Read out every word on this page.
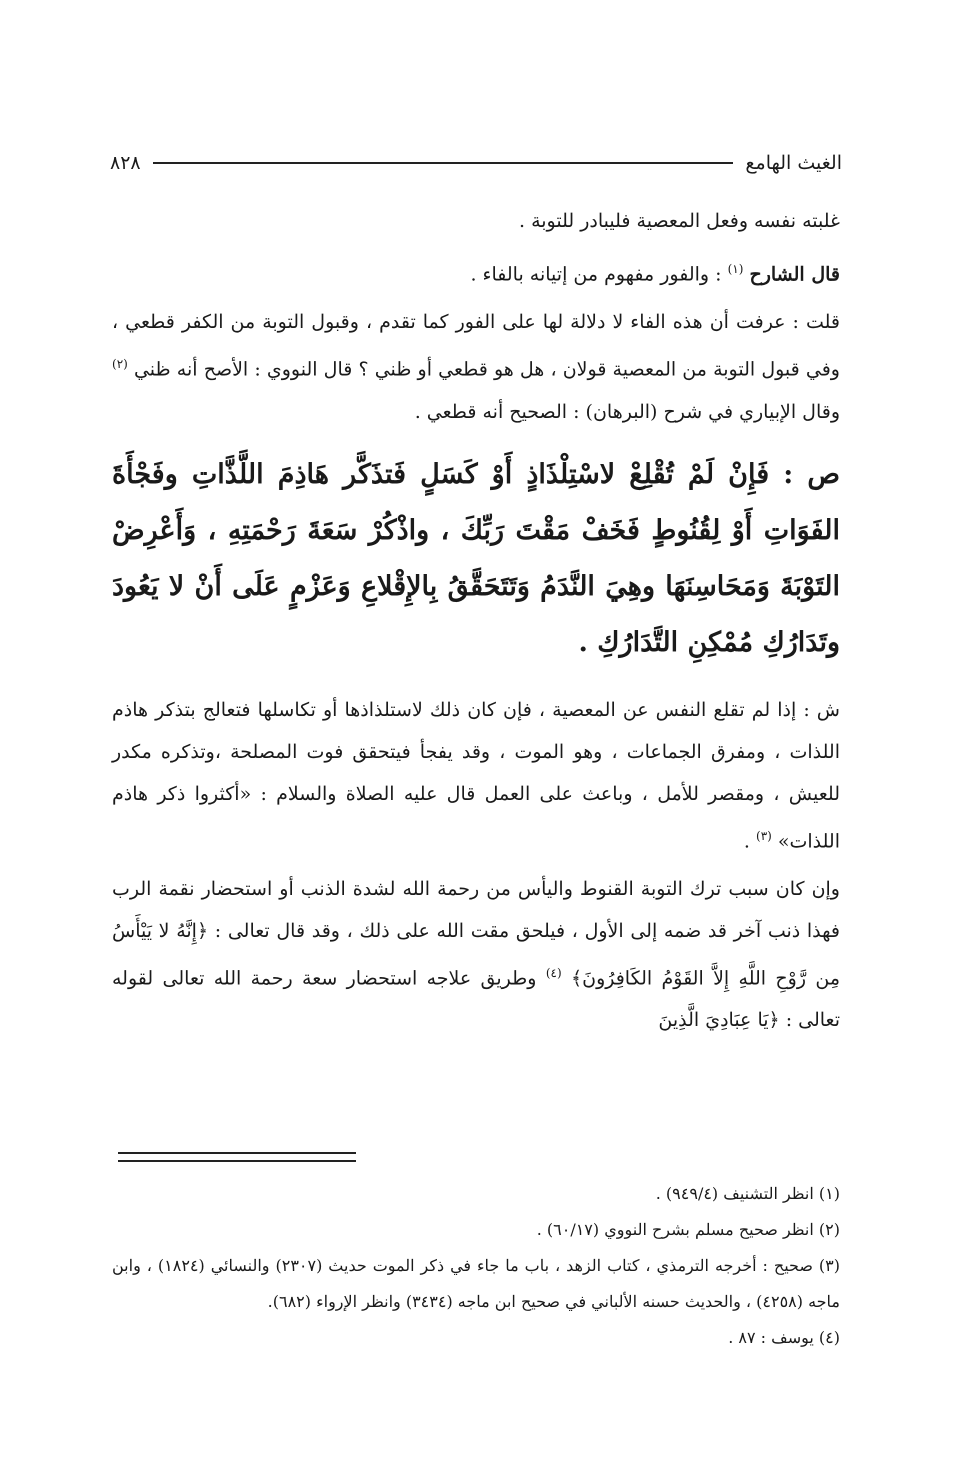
الغيث الهامع
٨٢٨

غلبته نفسه وفعل المعصية فليبادر للتوبة .

قال الشارح $^{(١)}$ : والفور مفهوم من إتيانه بالفاء .

قلت : عرفت أن هذه الفاء لا دلالة لها على الفور كما تقدم ، وقبول التوبة من الكفر قطعي ، وفي قبول التوبة من المعصية قولان ، هل هو قطعي أو ظني ؟ قال النووي : الأصح أنه ظني $^{(٢)}$ وقال الإبياري في شرح (البرهان) : الصحيح أنه قطعي .

ص : فَإِنْ لَمْ تُقْلِعْ لاسْتِلْذَاذٍ أَوْ كَسَلٍ فَتذَكَّر هَاذِمَ اللَّذَّاتِ وفَجْأَةَ الفَوَاتِ أَوْ لِقُنُوطٍ فَخَفْ مَقْتَ رَبِّكَ ، واذْكُرْ سَعَةَ رَحْمَتِهِ ، وَأَعْرِضْ التَوْبَةَ وَمَحَاسِنَهَا وهِيَ النَّدَمُ وَتَتَحَقَّقُ بِالإِقْلاعِ وَعَزْمٍ عَلَى أَنْ لا يَعُودَ وتَدَارُكِ مُمْكِنِ التَّدَارُكِ .

ش : إذا لم تقلع النفس عن المعصية ، فإن كان ذلك لاستلذاذها أو تكاسلها فتعالج بتذكر هاذم اللذات ، ومفرق الجماعات ، وهو الموت ، وقد يفجأ فيتحقق فوت المصلحة ،وتذكره مكدر للعيش ، ومقصر للأمل ، وباعث على العمل قال عليه الصلاة والسلام : «أكثروا ذكر هاذم اللذات» $^{(٣)}$ .

وإن كان سبب ترك التوبة القنوط واليأس من رحمة الله لشدة الذنب أو استحضار نقمة الرب فهذا ذنب آخر قد ضمه إلى الأول ، فيلحق مقت الله على ذلك ، وقد قال تعالى : ﴿إِنَّهُ لا يَيْأَسُ مِن رَّوْحِ اللَّهِ إِلاَّ القَوْمُ الكَافِرُونَ﴾ $^{(٤)}$ وطريق علاجه استحضار سعة رحمة الله تعالى لقوله تعالى : ﴿يَا عِبَادِيَ الَّذِينَ

(١) انظر التشنيف (٩٤٩/٤) .

(٢) انظر صحيح مسلم بشرح النووي (٦٠/١٧) .

(٣) صحيح : أخرجه الترمذي ، كتاب الزهد ، باب ما جاء في ذكر الموت حديث (٢٣٠٧) والنسائي (١٨٢٤) ، وابن ماجه (٤٢٥٨) ، والحديث حسنه الألباني في صحيح ابن ماجه (٣٤٣٤) وانظر الإرواء (٦٨٢).

(٤) يوسف : ٨٧ .
